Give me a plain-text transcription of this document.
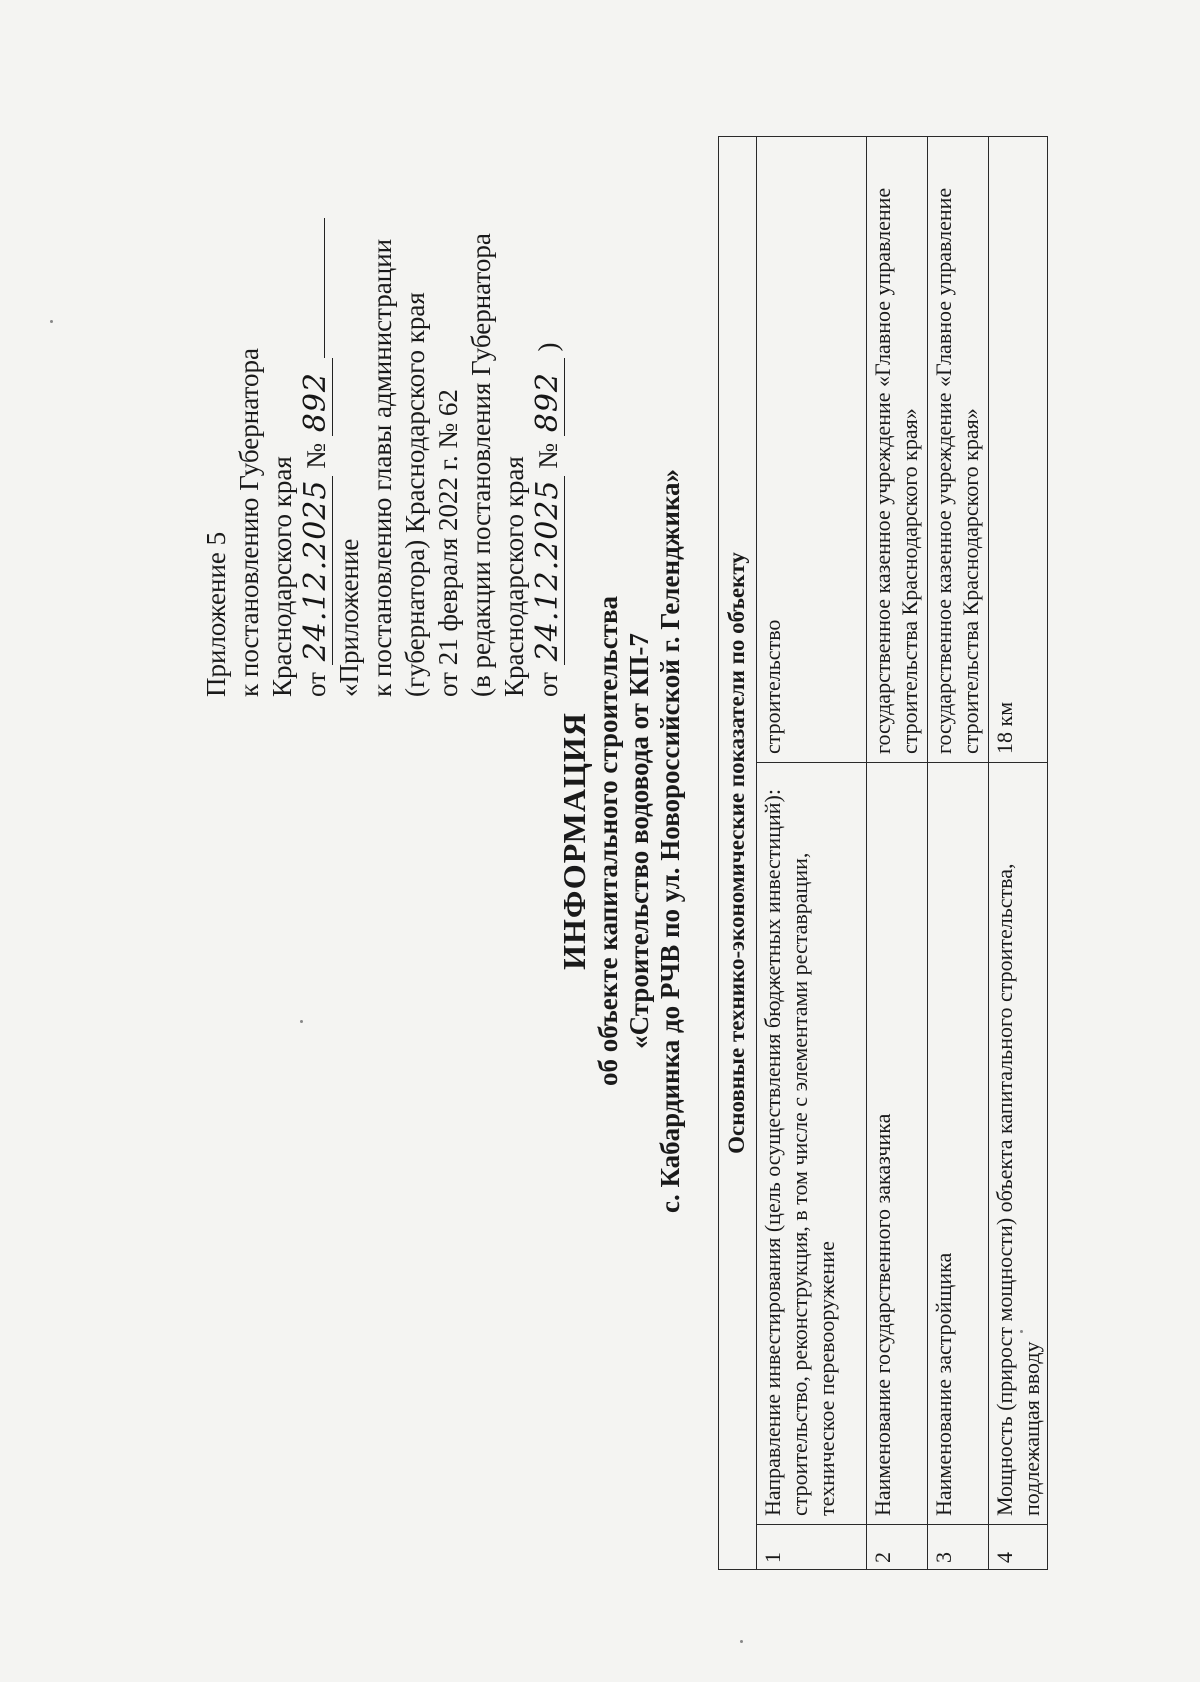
Приложение 5 к постановлению Губернатора Краснодарского края от 24.12.2025 № 892
«Приложение к постановлению главы администрации (губернатора) Краснодарского края от 21 февраля 2022 г. № 62 (в редакции постановления Губернатора Краснодарского края от 24.12.2025 № 892 )
ИНФОРМАЦИЯ об объекте капитального строительства «Строительство водовода от КП-7 с. Кабардинка до РЧВ по ул. Новороссийской г. Геленджика» Основные технико-экономические показатели по объекту		
1	Направление инвестирования (цель осуществления бюджетных инвестиций): строительство, реконструкция, в том числе с элементами реставрации, техническое перевооружение	строительство
2	Наименование государственного заказчика	государственное казенное учреждение «Главное управление строительства Краснодарского края»
3	Наименование застройщика	государственное казенное учреждение «Главное управление строительства Краснодарского края»
4	Мощность (прирост мощности) объекта капитального строительства, подлежащая вводу	18 км
